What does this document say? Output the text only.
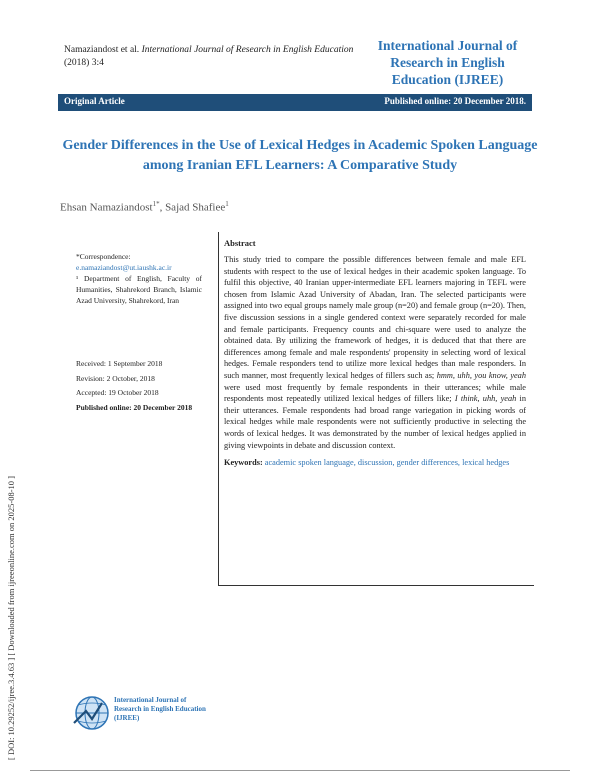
Namaziandost et al. International Journal of Research in English Education
(2018) 3:4
International Journal of Research in English Education (IJREE)
Original Article	Published online: 20 December 2018.
Gender Differences in the Use of Lexical Hedges in Academic Spoken Language among Iranian EFL Learners: A Comparative Study
Ehsan Namaziandost$^{1*}$, Sajad Shafiee$^1$
*Correspondence:
e.namaziandost@ut.iaushk.ac.ir
¹ Department of English, Faculty of Humanities, Shahrekord Branch, Islamic Azad University, Shahrekord, Iran
Received: 1 September 2018
Revision: 2 October, 2018
Accepted: 19 October 2018
Published online: 20 December 2018
Abstract

This study tried to compare the possible differences between female and male EFL students with respect to the use of lexical hedges in their academic spoken language. To fulfil this objective, 40 Iranian upper-intermediate EFL learners majoring in TEFL were chosen from Islamic Azad University of Abadan, Iran. The selected participants were assigned into two equal groups namely male group (n=20) and female group (n=20). Then, five discussion sessions in a single gendered context were separately recorded for male and female participants. Frequency counts and chi-square were used to analyze the obtained data. By utilizing the framework of hedges, it is deduced that that there are differences among female and male respondents' propensity in selecting word of lexical hedges. Female responders tend to utilize more lexical hedges than male responders. In such manner, most frequently lexical hedges of fillers such as; hmm, uhh, you know, yeah were used most frequently by female respondents in their utterances; while male respondents most repeatedly utilized lexical hedges of fillers like; I think, uhh, yeah in their utterances. Female respondents had broad range variegation in picking words of lexical hedges while male respondents were not sufficiently productive in selecting the words of lexical hedges. It was demonstrated by the number of lexical hedges applied in giving viewpoints in debate and discussion context.

Keywords: academic spoken language, discussion, gender differences, lexical hedges
[ DOI: 10.29252/ijree.3.4.63 ] [ Downloaded from ijreeonline.com on 2025-08-10 ]	International Journal of Research in English Education (IJREE)
